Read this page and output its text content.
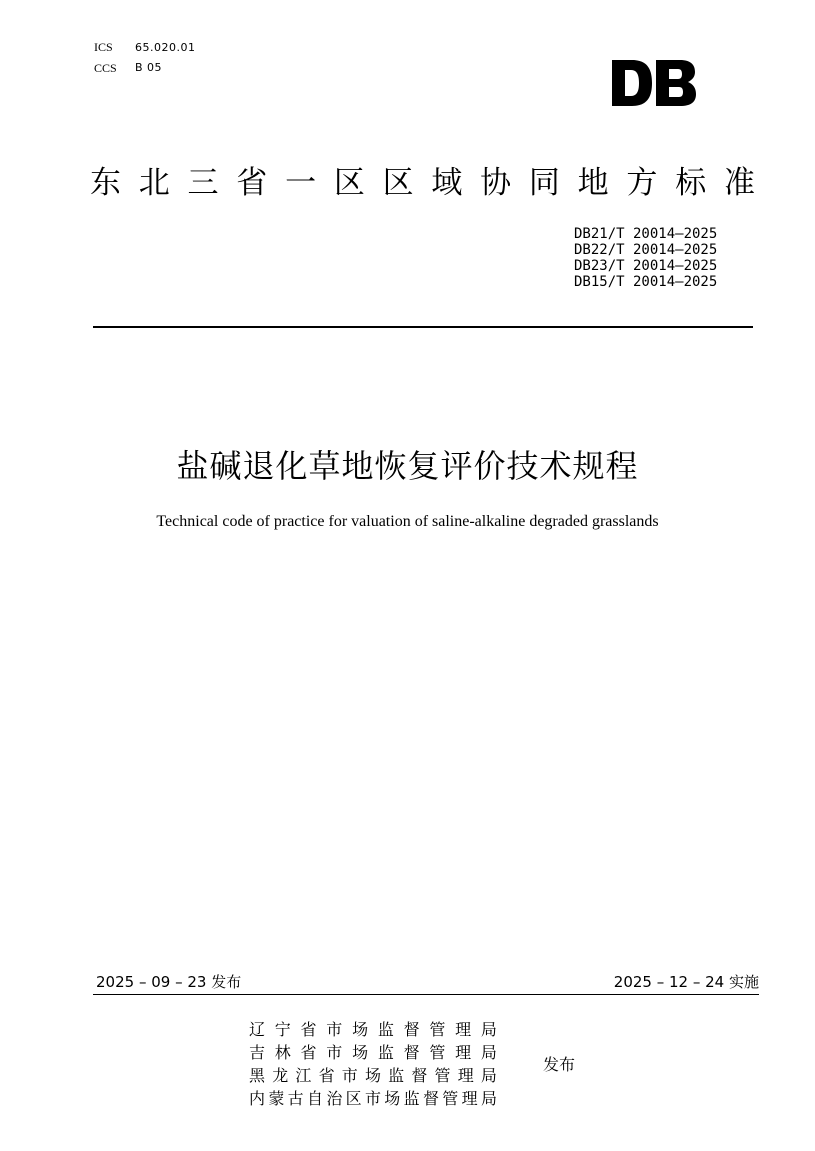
ICS 65.020.01
CCS B 05
东 北 三 省 一 区 区 域 协 同 地 方 标 准
DB21/T 20014—2025
DB22/T 20014—2025
DB23/T 20014—2025
DB15/T 20014—2025
盐碱退化草地恢复评价技术规程
Technical code of practice for valuation of saline-alkaline degraded grasslands
2025 – 09 – 23 发布	2025 – 12 – 24 实施
辽 宁 省 市 场 监 督 管 理 局
吉 林 省 市 场 监 督 管 理 局
黑 龙 江 省 市 场 监 督 管 理 局
内 蒙 古 自 治 区 市 场 监 督 管 理 局
发布
